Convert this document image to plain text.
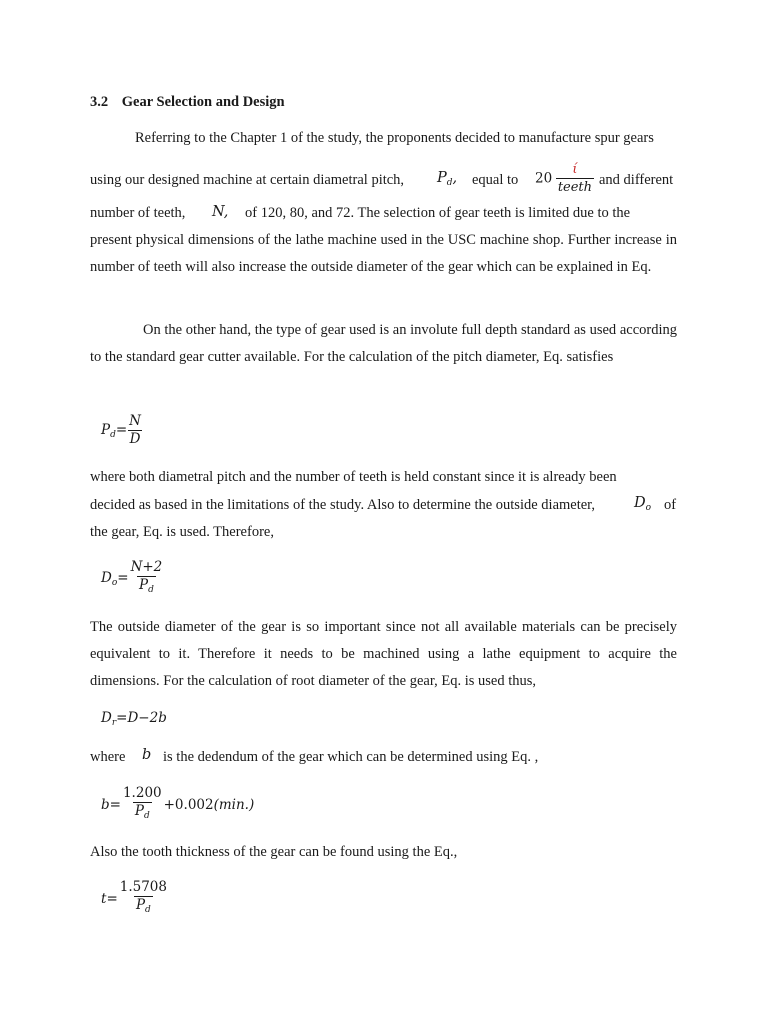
3.2 Gear Selection and Design
Referring to the Chapter 1 of the study, the proponents decided to manufacture spur gears
using our designed machine at certain diametral pitch, $P_d$, equal to $20 \frac{ί}{\text{teeth}}$ and different
number of teeth, N, of 120, 80, and 72. The selection of gear teeth is limited due to the

present physical dimensions of the lathe machine used in the USC machine shop. Further increase in number of teeth will also increase the outside diameter of the gear which can be explained in Eq.

On the other hand, the type of gear used is an involute full depth standard as used according to the standard gear cutter available. For the calculation of the pitch diameter, Eq. satisfies

$P_d= \frac{N}{D}$
where both diametral pitch and the number of teeth is held constant since it is already been
decided as based in the limitations of the study. Also to determine the outside diameter,	$D_o$ of
the gear, Eq. is used. Therefore,
$D_o= \frac{N+2}{P_d}$

The outside diameter of the gear is so important since not all available materials can be precisely equivalent to it. Therefore it needs to be machined using a lathe equipment to acquire the dimensions. For the calculation of root diameter of the gear, Eq. is used thus,

$D_r=D-2b$
where b is the dedendum of the gear which can be determined using Eq. ,
$b= \frac{1.200}{P_d} +0.002(\min.)$
Also the tooth thickness of the gear can be found using the Eq.,
$t= \frac{1.5708}{P_d}$
